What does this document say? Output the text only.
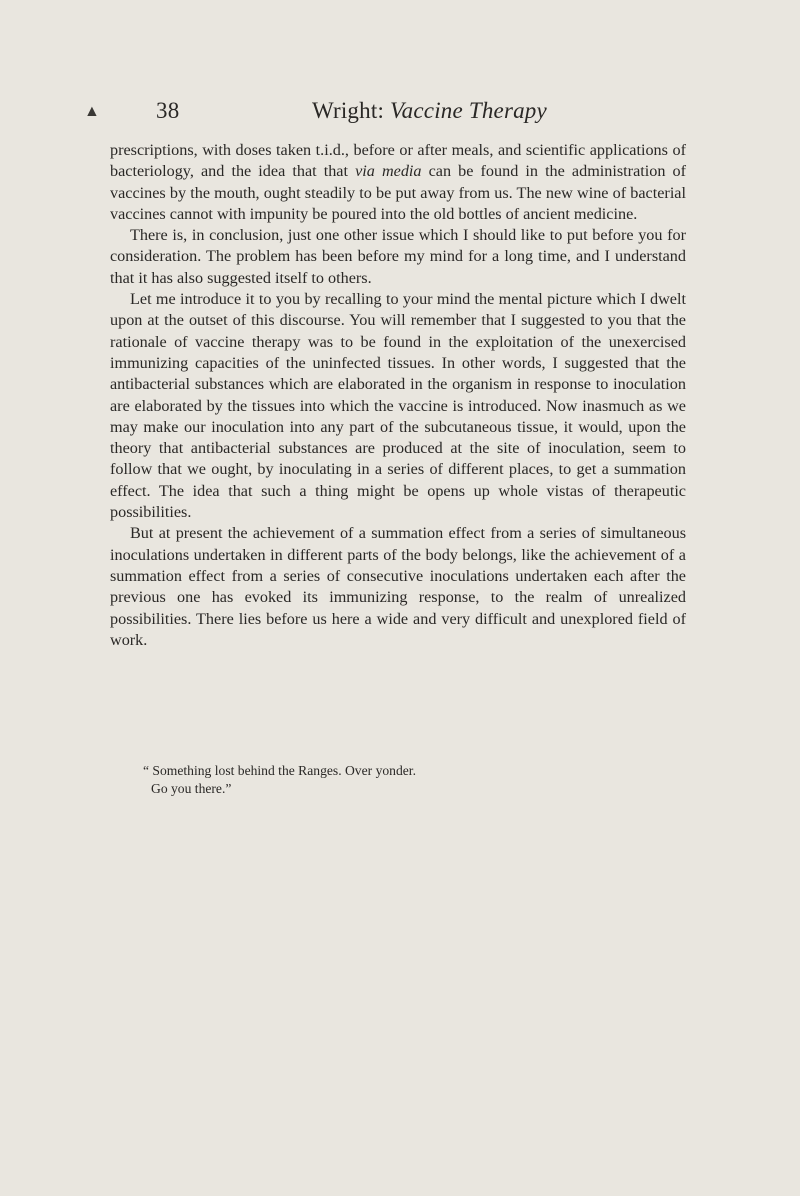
▲ 38	Wright: Vaccine Therapy

prescriptions, with doses taken t.i.d., before or after meals, and scientific applications of bacteriology, and the idea that that via media can be found in the administration of vaccines by the mouth, ought steadily to be put away from us. The new wine of bacterial vaccines cannot with impunity be poured into the old bottles of ancient medicine.

There is, in conclusion, just one other issue which I should like to put before you for consideration. The problem has been before my mind for a long time, and I understand that it has also suggested itself to others.

Let me introduce it to you by recalling to your mind the mental picture which I dwelt upon at the outset of this discourse. You will remember that I suggested to you that the rationale of vaccine therapy was to be found in the exploitation of the unexercised immunizing capacities of the uninfected tissues. In other words, I suggested that the antibacterial substances which are elaborated in the organism in response to inoculation are elaborated by the tissues into which the vaccine is introduced. Now inasmuch as we may make our inoculation into any part of the subcutaneous tissue, it would, upon the theory that antibacterial substances are produced at the site of inoculation, seem to follow that we ought, by inoculating in a series of different places, to get a summation effect. The idea that such a thing might be opens up whole vistas of therapeutic possibilities.

But at present the achievement of a summation effect from a series of simultaneous inoculations undertaken in different parts of the body belongs, like the achievement of a summation effect from a series of consecutive inoculations undertaken each after the previous one has evoked its immunizing response, to the realm of unrealized possibilities. There lies before us here a wide and very difficult and unexplored field of work.

“ Something lost behind the Ranges. Over yonder.
Go you there.”
